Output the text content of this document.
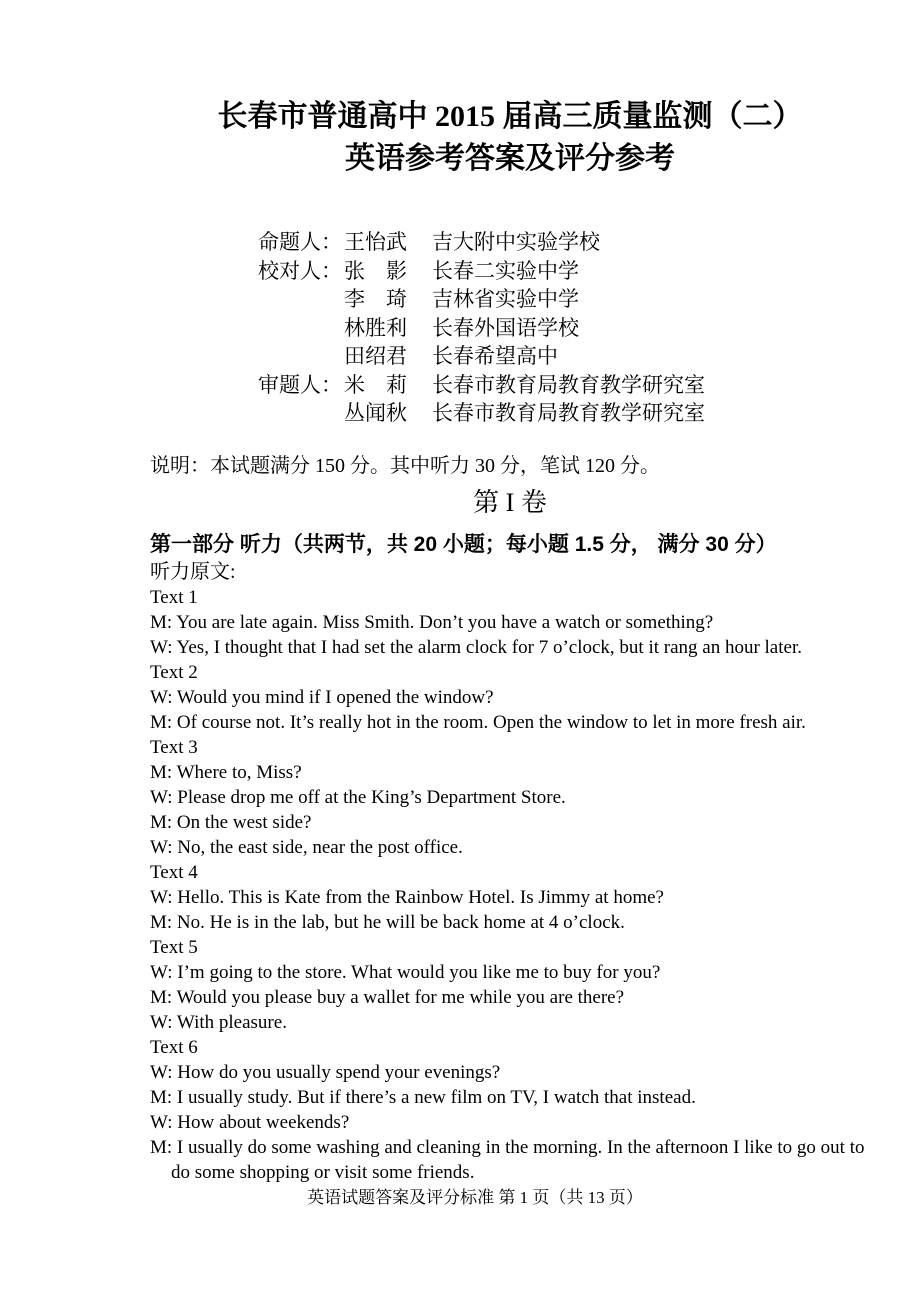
长春市普通高中 2015 届高三质量监测（二）
英语参考答案及评分参考
命题人：王怡武 吉大附中实验学校
校对人：张　影 长春二实验中学
李　琦 吉林省实验中学
林胜利 长春外国语学校
田绍君 长春希望高中
审题人：米　莉 长春市教育局教育教学研究室
丛闻秋 长春市教育局教育教学研究室
说明：本试题满分 150 分。其中听力 30 分，笔试 120 分。
第 I 卷
第一部分 听力（共两节，共 20 小题；每小题 1.5 分， 满分 30 分）
听力原文:
Text 1
M: You are late again. Miss Smith. Don’t you have a watch or something?
W: Yes, I thought that I had set the alarm clock for 7 o’clock, but it rang an hour later.
Text 2
W: Would you mind if I opened the window?
M: Of course not. It’s really hot in the room. Open the window to let in more fresh air.
Text 3
M: Where to, Miss?
W: Please drop me off at the King’s Department Store.
M: On the west side?
W: No, the east side, near the post office.
Text 4
W: Hello. This is Kate from the Rainbow Hotel. Is Jimmy at home?
M: No. He is in the lab, but he will be back home at 4 o’clock.
Text 5
W: I’m going to the store. What would you like me to buy for you?
M: Would you please buy a wallet for me while you are there?
W: With pleasure.
Text 6
W: How do you usually spend your evenings?
M: I usually study. But if there’s a new film on TV, I watch that instead.
W: How about weekends?
M: I usually do some washing and cleaning in the morning. In the afternoon I like to go out to
do some shopping or visit some friends.
英语试题答案及评分标准 第 1 页（共 13 页）
